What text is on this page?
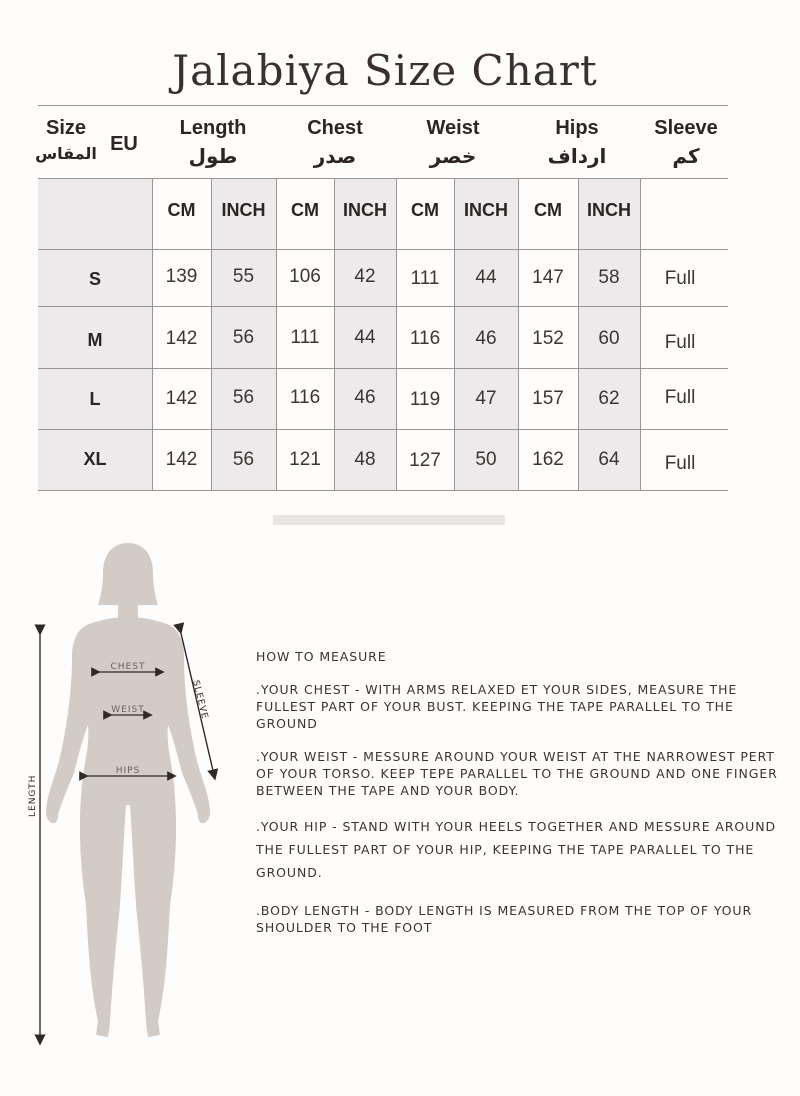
Jalabiya Size Chart
Size
المقاس EU
Length
طول
Chest
صدر
Weist
خصر
Hips
ارداف
Sleeve
كم
CM	INCH	CM	INCH	CM	INCH	CM	INCH
S	139	55	106	42	111	44	147	58	Full
M	142	56	111	44	116	46	152	60	Full
L	142	56	116	46	119	47	157	62	Full
XL	142	56	121	48	127	50	162	64	Full
CHEST
WEIST
HIPS
SLEEVE
LENGTH

HOW TO MEASURE

.YOUR CHEST - WITH ARMS RELAXED ET YOUR SIDES, MEASURE THE FULLEST PART OF YOUR BUST. KEEPING THE TAPE PARALLEL TO THE GROUND

.YOUR WEIST - MESSURE AROUND YOUR WEIST AT THE NARROWEST PERT OF YOUR TORSO. KEEP TEPE PARALLEL TO THE GROUND AND ONE FINGER BETWEEN THE TAPE AND YOUR BODY.

.YOUR HIP - STAND WITH YOUR HEELS TOGETHER AND MESSURE AROUND THE FULLEST PART OF YOUR HIP, KEEPING THE TAPE PARALLEL TO THE GROUND.

.BODY LENGTH - BODY LENGTH IS MEASURED FROM THE TOP OF YOUR SHOULDER TO THE FOOT
